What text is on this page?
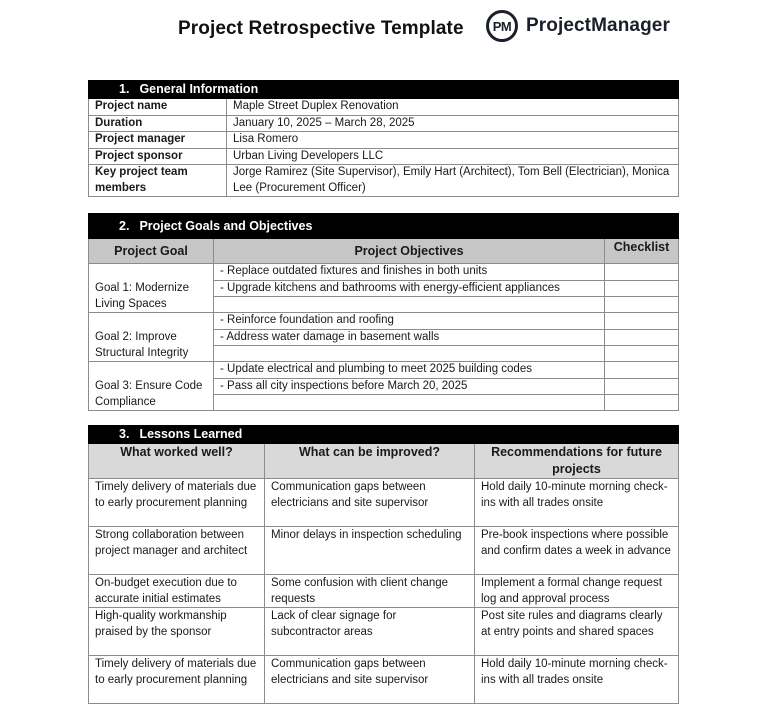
Project Retrospective Template	PM ProjectManager
1. General Information	
Project name	Maple Street Duplex Renovation
Duration	January 10, 2025 – March 28, 2025
Project manager	Lisa Romero
Project sponsor	Urban Living Developers LLC
Key project team members	Jorge Ramirez (Site Supervisor), Emily Hart (Architect), Tom Bell (Electrician), Monica Lee (Procurement Officer)
2. Project Goals and Objectives		
Project Goal	Project Objectives	Checklist
Goal 1: Modernize Living Spaces	- Replace outdated fixtures and finishes in both units	
	- Upgrade kitchens and bathrooms with energy-efficient appliances	

Goal 2: Improve Structural Integrity	- Reinforce foundation and roofing	
	- Address water damage in basement walls	

Goal 3: Ensure Code Compliance	- Update electrical and plumbing to meet 2025 building codes	
	- Pass all city inspections before March 20, 2025	

3. Lessons Learned		
What worked well?	What can be improved?	Recommendations for future projects
Timely delivery of materials due to early procurement planning	Communication gaps between electricians and site supervisor	Hold daily 10-minute morning check-ins with all trades onsite
Strong collaboration between project manager and architect	Minor delays in inspection scheduling	Pre-book inspections where possible and confirm dates a week in advance
On-budget execution due to accurate initial estimates	Some confusion with client change requests	Implement a formal change request log and approval process
High-quality workmanship praised by the sponsor	Lack of clear signage for subcontractor areas	Post site rules and diagrams clearly at entry points and shared spaces
Timely delivery of materials due to early procurement planning	Communication gaps between electricians and site supervisor	Hold daily 10-minute morning check-ins with all trades onsite
